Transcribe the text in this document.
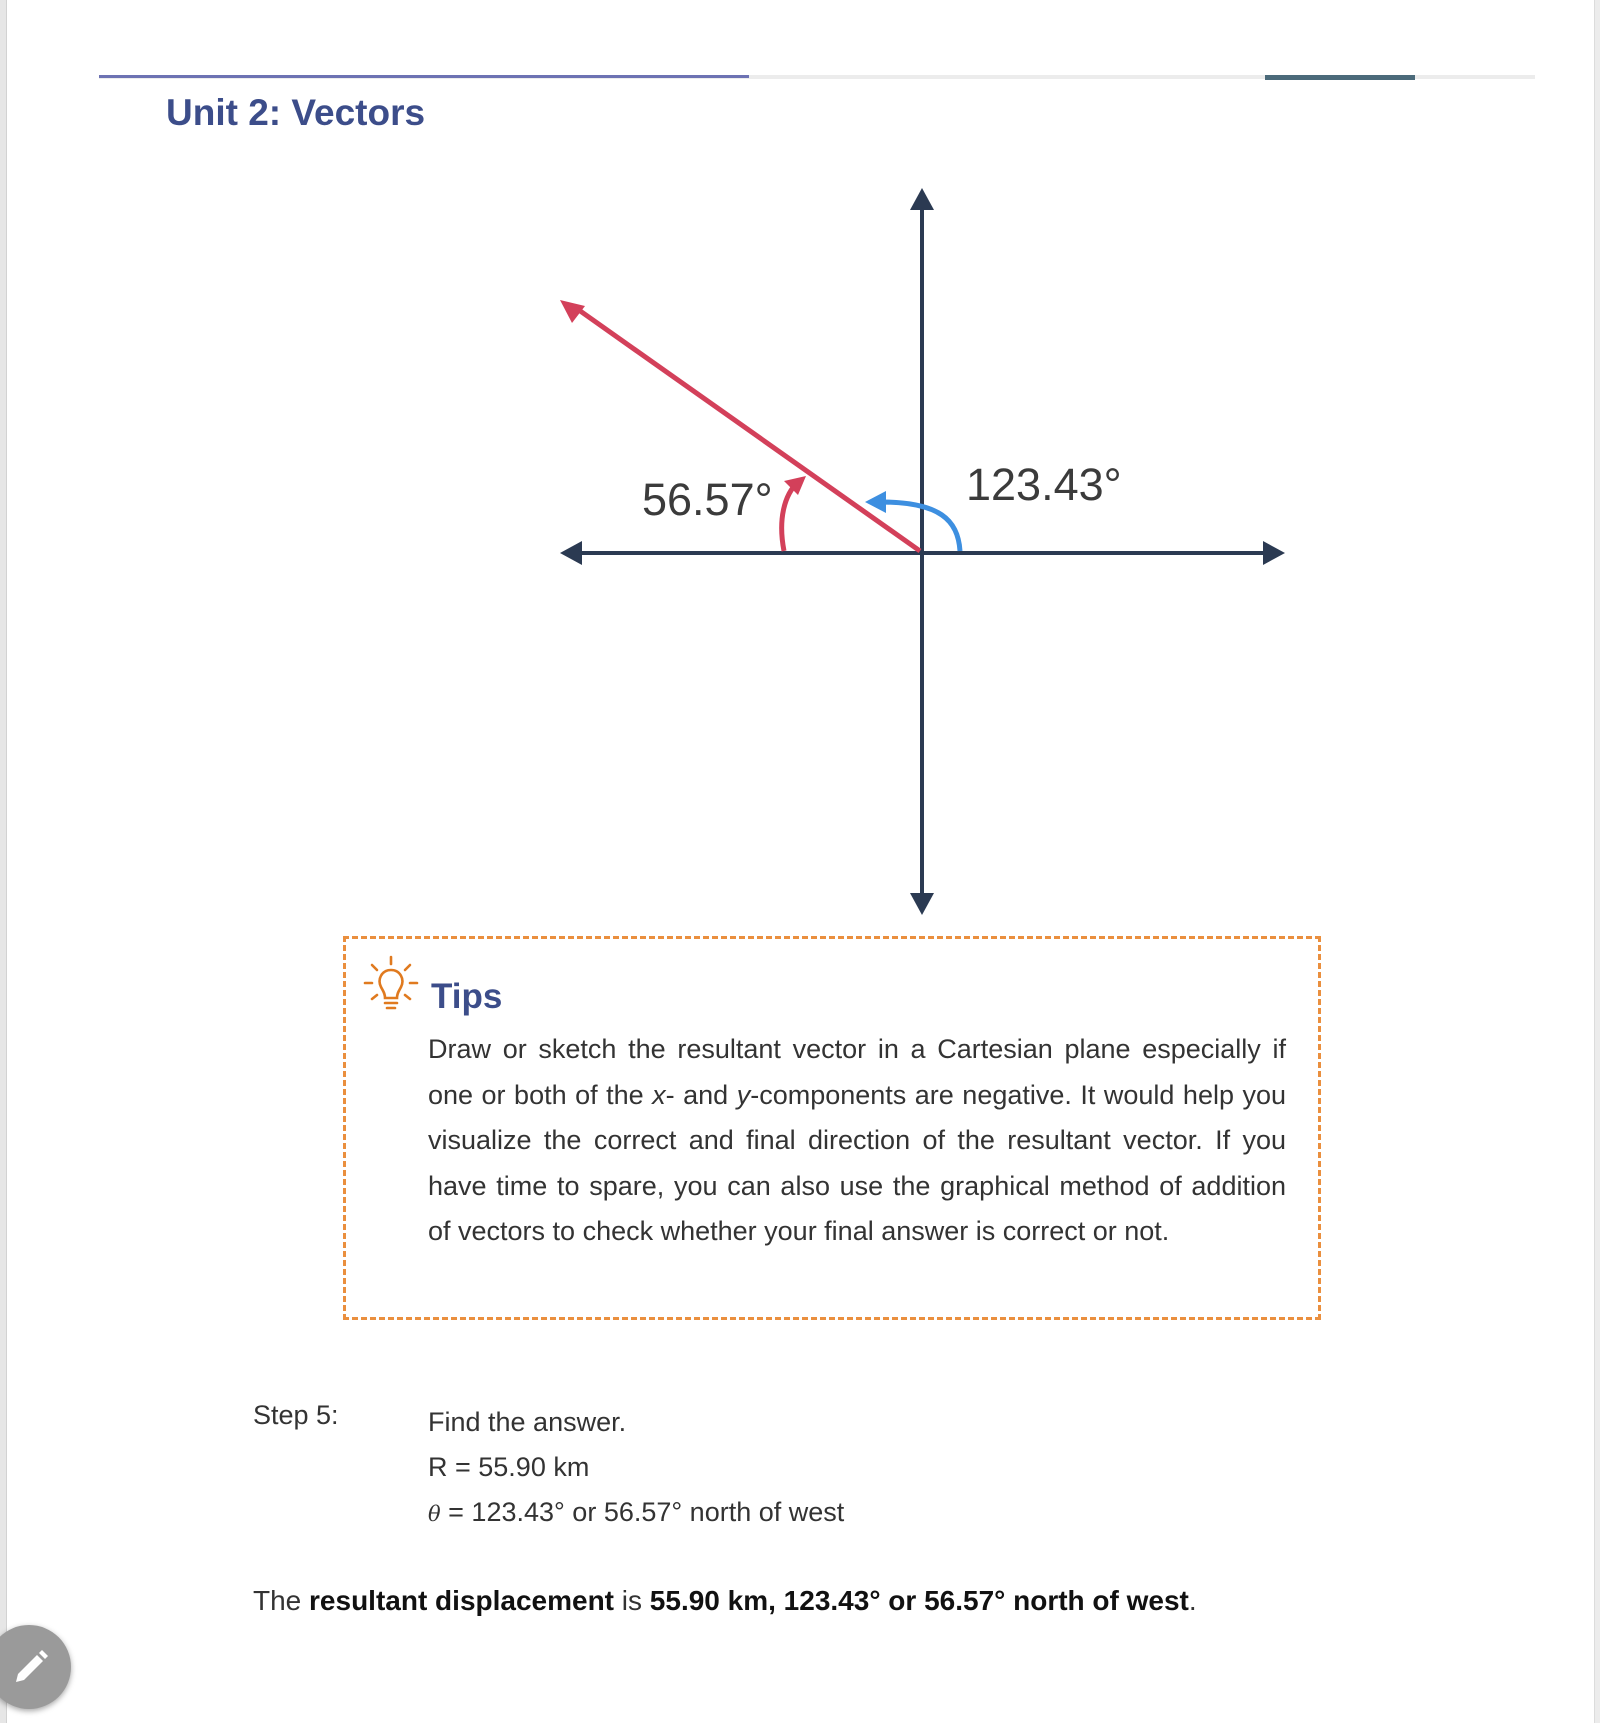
Unit 2: Vectors
56.57°	123.43°
Tips
Draw or sketch the resultant vector in a Cartesian plane especially if one or both of the x- and y-components are negative. It would help you visualize the correct and final direction of the resultant vector. If you have time to spare, you can also use the graphical method of addition of vectors to check whether your final answer is correct or not.
Step 5:	Find the answer.
R = 55.90 km
θ = 123.43° or 56.57° north of west
The resultant displacement is 55.90 km, 123.43° or 56.57° north of west.
